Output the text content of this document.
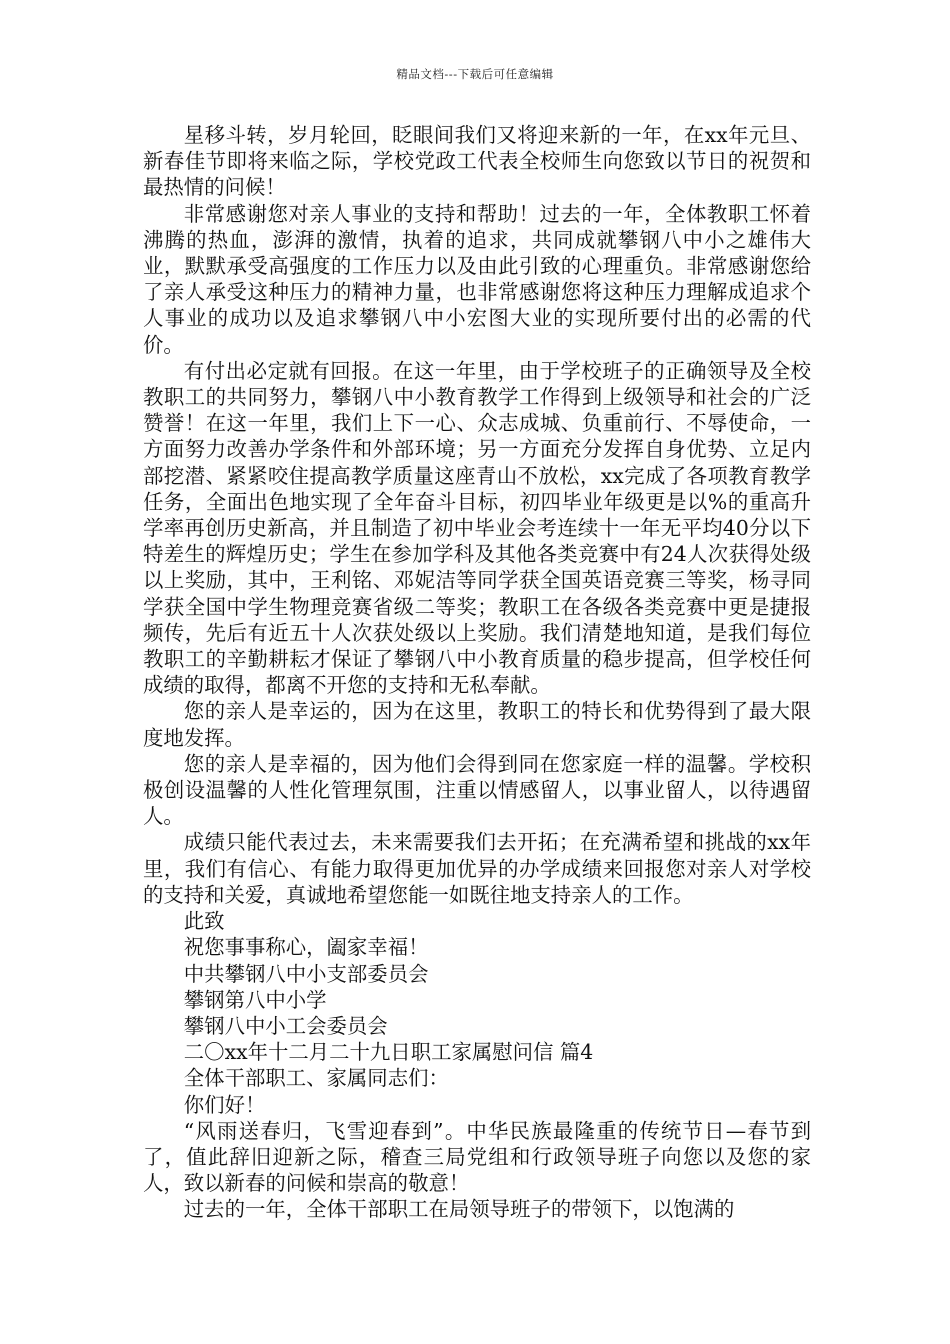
精品文档---下载后可任意编辑

星移斗转，岁月轮回，眨眼间我们又将迎来新的一年，在xx年元旦、新春佳节即将来临之际，学校党政工代表全校师生向您致以节日的祝贺和最热情的问候！

非常感谢您对亲人事业的支持和帮助！过去的一年，全体教职工怀着沸腾的热血，澎湃的激情，执着的追求，共同成就攀钢八中小之雄伟大业，默默承受高强度的工作压力以及由此引致的心理重负。非常感谢您给了亲人承受这种压力的精神力量，也非常感谢您将这种压力理解成追求个人事业的成功以及追求攀钢八中小宏图大业的实现所要付出的必需的代价。

有付出必定就有回报。在这一年里，由于学校班子的正确领导及全校教职工的共同努力，攀钢八中小教育教学工作得到上级领导和社会的广泛赞誉！在这一年里，我们上下一心、众志成城、负重前行、不辱使命，一方面努力改善办学条件和外部环境；另一方面充分发挥自身优势、立足内部挖潜、紧紧咬住提高教学质量这座青山不放松，xx完成了各项教育教学任务，全面出色地实现了全年奋斗目标，初四毕业年级更是以%的重高升学率再创历史新高，并且制造了初中毕业会考连续十一年无平均40分以下特差生的辉煌历史；学生在参加学科及其他各类竞赛中有24人次获得处级以上奖励，其中，王利铭、邓妮洁等同学获全国英语竞赛三等奖，杨寻同学获全国中学生物理竞赛省级二等奖；教职工在各级各类竞赛中更是捷报频传，先后有近五十人次获处级以上奖励。我们清楚地知道，是我们每位教职工的辛勤耕耘才保证了攀钢八中小教育质量的稳步提高，但学校任何成绩的取得，都离不开您的支持和无私奉献。

您的亲人是幸运的，因为在这里，教职工的特长和优势得到了最大限度地发挥。

您的亲人是幸福的，因为他们会得到同在您家庭一样的温馨。学校积极创设温馨的人性化管理氛围，注重以情感留人，以事业留人，以待遇留人。

成绩只能代表过去，未来需要我们去开拓；在充满希望和挑战的xx年里，我们有信心、有能力取得更加优异的办学成绩来回报您对亲人对学校的支持和关爱，真诚地希望您能一如既往地支持亲人的工作。

此致

祝您事事称心，阖家幸福！

中共攀钢八中小支部委员会

攀钢第八中小学

攀钢八中小工会委员会

二〇xx年十二月二十九日职工家属慰问信 篇4

全体干部职工、家属同志们：

你们好！

“风雨送春归，飞雪迎春到”。中华民族最隆重的传统节日—春节到了，值此辞旧迎新之际，稽查三局党组和行政领导班子向您以及您的家人，致以新春的问候和崇高的敬意！

过去的一年，全体干部职工在局领导班子的带领下，以饱满的
